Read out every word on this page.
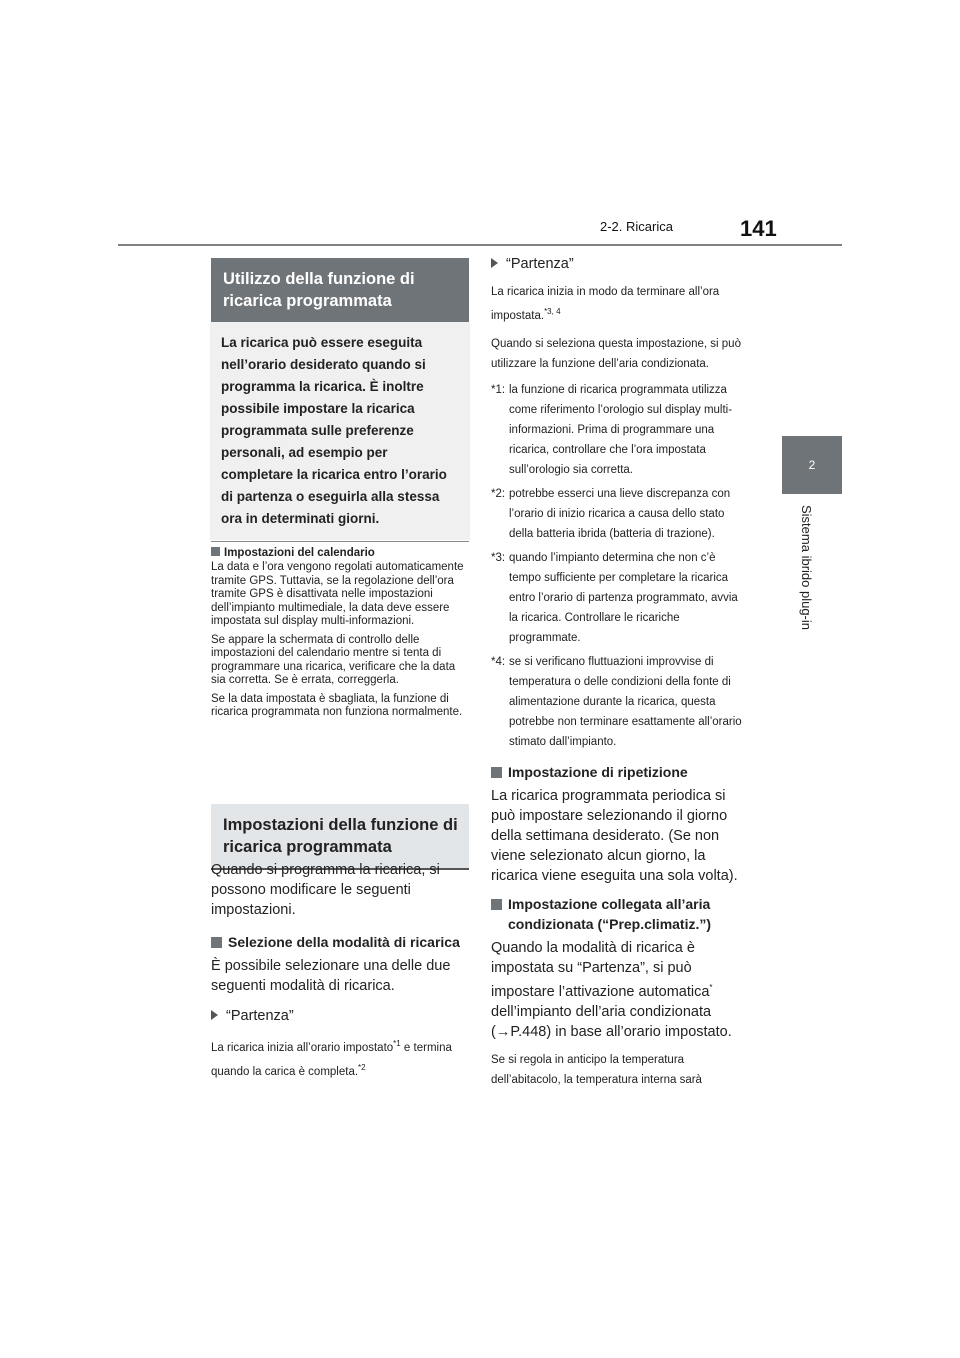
2-2. Ricarica	141
2
Sistema ibrido plug-in
Utilizzo della funzione di ricarica programmata
La ricarica può essere eseguita nell’orario desiderato quando si programma la ricarica. È inoltre possibile impostare la ricarica programmata sulle preferenze personali, ad esempio per completare la ricarica entro l’orario di partenza o eseguirla alla stessa ora in determinati giorni.
Impostazioni del calendario

La data e l’ora vengono regolati automaticamente tramite GPS. Tuttavia, se la regolazione dell’ora tramite GPS è disattivata nelle impostazioni dell’impianto multimediale, la data deve essere impostata sul display multi-informazioni.

Se appare la schermata di controllo delle impostazioni del calendario mentre si tenta di programmare una ricarica, verificare che la data sia corretta. Se è errata, correggerla.

Se la data impostata è sbagliata, la funzione di ricarica programmata non funziona normalmente.

Impostazioni della funzione di ricarica programmata

Quando si programma la ricarica, si possono modificare le seguenti impostazioni.

Selezione della modalità di ricarica

È possibile selezionare una delle due seguenti modalità di ricarica.

“Partenza”

La ricarica inizia all’orario impostato$^{*1}$ e termina quando la carica è completa.$^{*2}$

“Partenza”

La ricarica inizia in modo da terminare all’ora impostata.$^{*3, 4}$

Quando si seleziona questa impostazione, si può utilizzare la funzione dell’aria condizionata.

*1: la funzione di ricarica programmata utilizza come riferimento l’orologio sul display multi-informazioni. Prima di programmare una ricarica, controllare che l’ora impostata sull’orologio sia corretta.
*2: potrebbe esserci una lieve discrepanza con l’orario di inizio ricarica a causa dello stato della batteria ibrida (batteria di trazione).
*3: quando l’impianto determina che non c’è tempo sufficiente per completare la ricarica entro l’orario di partenza programmato, avvia la ricarica. Controllare le ricariche programmate.
*4: se si verificano fluttuazioni improvvise di temperatura o delle condizioni della fonte di alimentazione durante la ricarica, questa potrebbe non terminare esattamente all’orario stimato dall’impianto.
Impostazione di ripetizione

La ricarica programmata periodica si può impostare selezionando il giorno della settimana desiderato. (Se non viene selezionato alcun giorno, la ricarica viene eseguita una sola volta).

Impostazione collegata all’aria condizionata (“Prep.climatiz.”)

Quando la modalità di ricarica è impostata su “Partenza”, si può impostare l’attivazione automatica* dell’impianto dell’aria condizionata (→P.448) in base all’orario impostato.

Se si regola in anticipo la temperatura dell’abitacolo, la temperatura interna sarà
